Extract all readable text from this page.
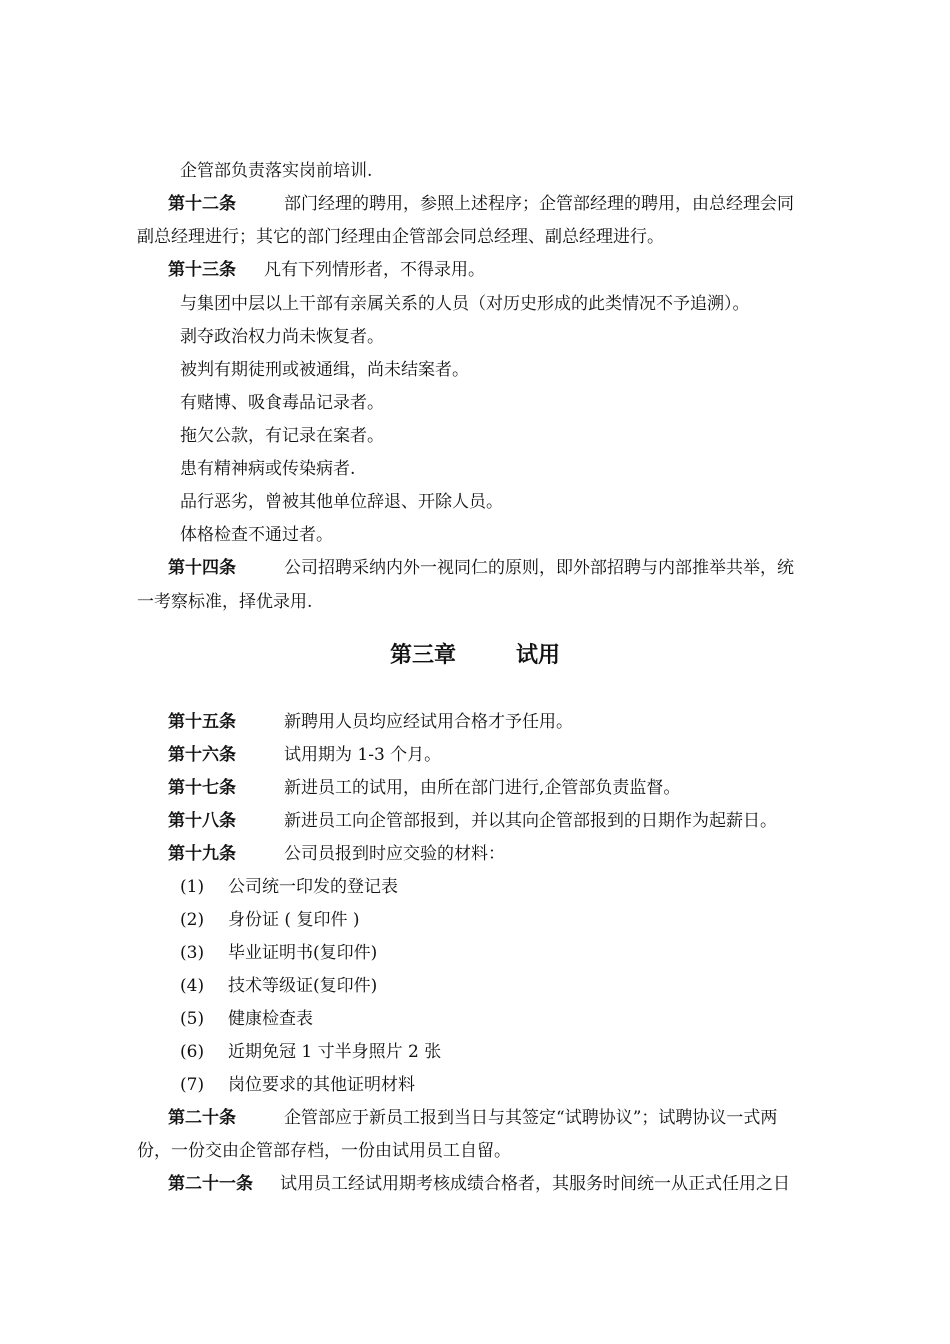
企管部负责落实岗前培训.
第十二条	部门经理的聘用，参照上述程序；企管部经理的聘用，由总经理会同
副总经理进行；其它的部门经理由企管部会同总经理、副总经理进行。
第十三条 凡有下列情形者，不得录用。
与集团中层以上干部有亲属关系的人员（对历史形成的此类情况不予追溯）。
剥夺政治权力尚未恢复者。
被判有期徒刑或被通缉，尚未结案者。
有赌博、吸食毒品记录者。
拖欠公款，有记录在案者。
患有精神病或传染病者.
品行恶劣，曾被其他单位辞退、开除人员。
体格检查不通过者。
第十四条	公司招聘采纳内外一视同仁的原则，即外部招聘与内部推举共举，统
一考察标准，择优录用.
第三章	试用
第十五条	新聘用人员均应经试用合格才予任用。
第十六条	试用期为 1-3 个月。
第十七条	新进员工的试用，由所在部门进行,企管部负责监督。
第十八条	新进员工向企管部报到，并以其向企管部报到的日期作为起薪日。
第十九条	公司员报到时应交验的材料：
(1) 公司统一印发的登记表
(2) 身份证 ( 复印件 )
(3) 毕业证明书(复印件)
(4) 技术等级证(复印件)
(5) 健康检查表
(6) 近期免冠 1 寸半身照片 2 张
(7) 岗位要求的其他证明材料
第二十条	企管部应于新员工报到当日与其签定“试聘协议”；试聘协议一式两
份，一份交由企管部存档，一份由试用员工自留。
第二十一条 试用员工经试用期考核成绩合格者，其服务时间统一从正式任用之日
